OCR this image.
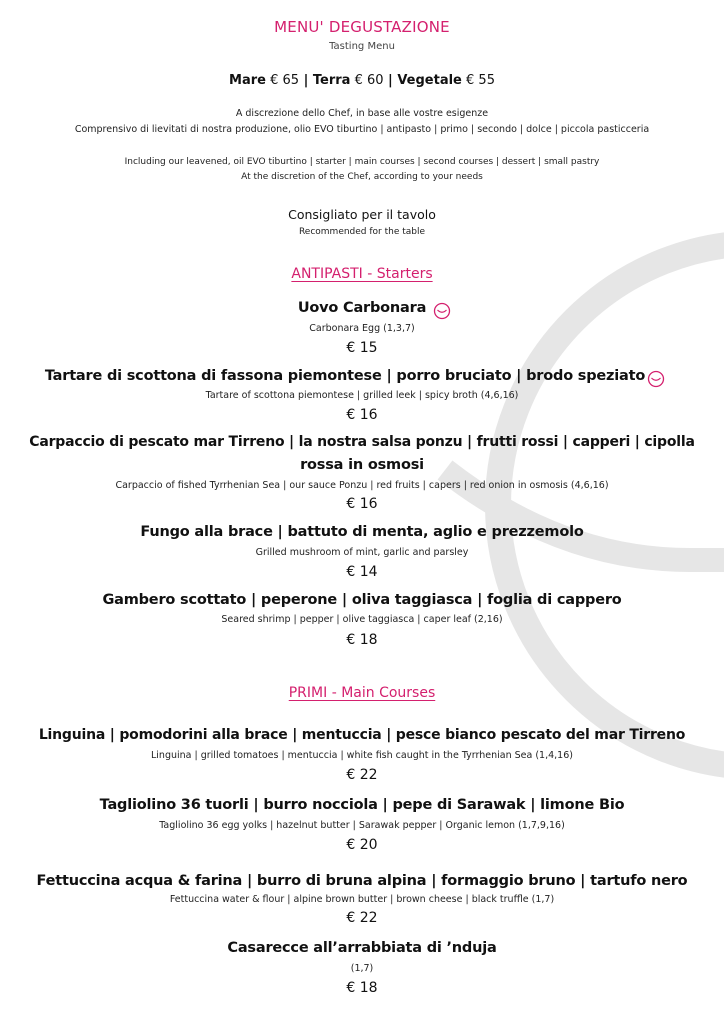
MENU' DEGUSTAZIONE
Tasting Menu
Mare € 65 | Terra € 60 | Vegetale € 55
A discrezione dello Chef, in base alle vostre esigenze
Comprensivo di lievitati di nostra produzione, olio EVO tiburtino | antipasto | primo | secondo | dolce | piccola pasticceria
Including our leavened, oil EVO tiburtino | starter | main courses | second courses | dessert | small pastry
At the discretion of the Chef, according to your needs
Consigliato per il tavolo
Recommended for the table
ANTIPASTI - Starters
Uovo Carbonara
Carbonara Egg (1,3,7)
€ 15
Tartare di scottona di fassona piemontese | porro bruciato | brodo speziato
Tartare of scottona piemontese | grilled leek | spicy broth (4,6,16)
€ 16
Carpaccio di pescato mar Tirreno | la nostra salsa ponzu | frutti rossi | capperi | cipolla
rossa in osmosi
Carpaccio of fished Tyrrhenian Sea | our sauce Ponzu | red fruits | capers | red onion in osmosis (4,6,16)
€ 16
Fungo alla brace | battuto di menta, aglio e prezzemolo
Grilled mushroom of mint, garlic and parsley
€ 14
Gambero scottato | peperone | oliva taggiasca | foglia di cappero
Seared shrimp | pepper | olive taggiasca | caper leaf (2,16)
€ 18
PRIMI - Main Courses
Linguina | pomodorini alla brace | mentuccia | pesce bianco pescato del mar Tirreno
Linguina | grilled tomatoes | mentuccia | white fish caught in the Tyrrhenian Sea (1,4,16)
€ 22
Tagliolino 36 tuorli | burro nocciola | pepe di Sarawak | limone Bio
Tagliolino 36 egg yolks | hazelnut butter | Sarawak pepper | Organic lemon (1,7,9,16)
€ 20
Fettuccina acqua & farina | burro di bruna alpina | formaggio bruno | tartufo nero
Fettuccina water & flour | alpine brown butter | brown cheese | black truffle (1,7)
€ 22
Casarecce all’arrabbiata di ’nduja
(1,7)
€ 18
